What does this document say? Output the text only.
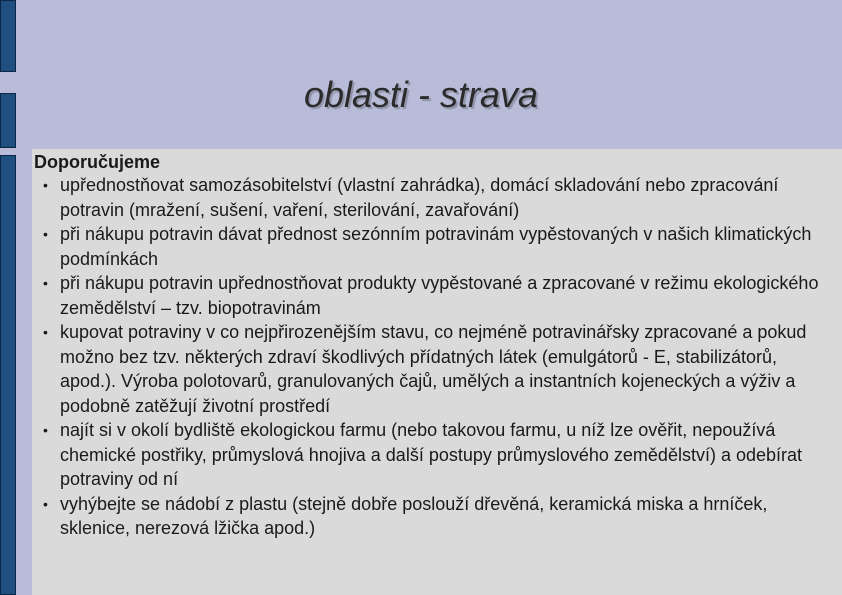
oblasti - strava

Doporučujeme

• upřednostňovat samozásobitelství (vlastní zahrádka), domácí skladování nebo zpracování potravin (mražení, sušení, vaření, sterilování, zavařování)
• při nákupu potravin dávat přednost sezónním potravinám vypěstovaných v našich klimatických podmínkách
• při nákupu potravin upřednostňovat produkty vypěstované a zpracované v režimu ekologického zemědělství – tzv. biopotravinám
• kupovat potraviny v co nejpřirozenějším stavu, co nejméně potravinářsky zpracované a pokud možno bez tzv. některých zdraví škodlivých přídatných látek (emulgátorů - E, stabilizátorů, apod.). Výroba polotovarů, granulovaných čajů, umělých a instantních kojeneckých a výživ a podobně zatěžují životní prostředí
• najít si v okolí bydliště ekologickou farmu (nebo takovou farmu, u níž lze ověřit, nepoužívá chemické postřiky, průmyslová hnojiva a další postupy průmyslového zemědělství) a odebírat potraviny od ní
• vyhýbejte se nádobí z plastu (stejně dobře poslouží dřevěná, keramická miska a hrníček, sklenice, nerezová lžička apod.)
